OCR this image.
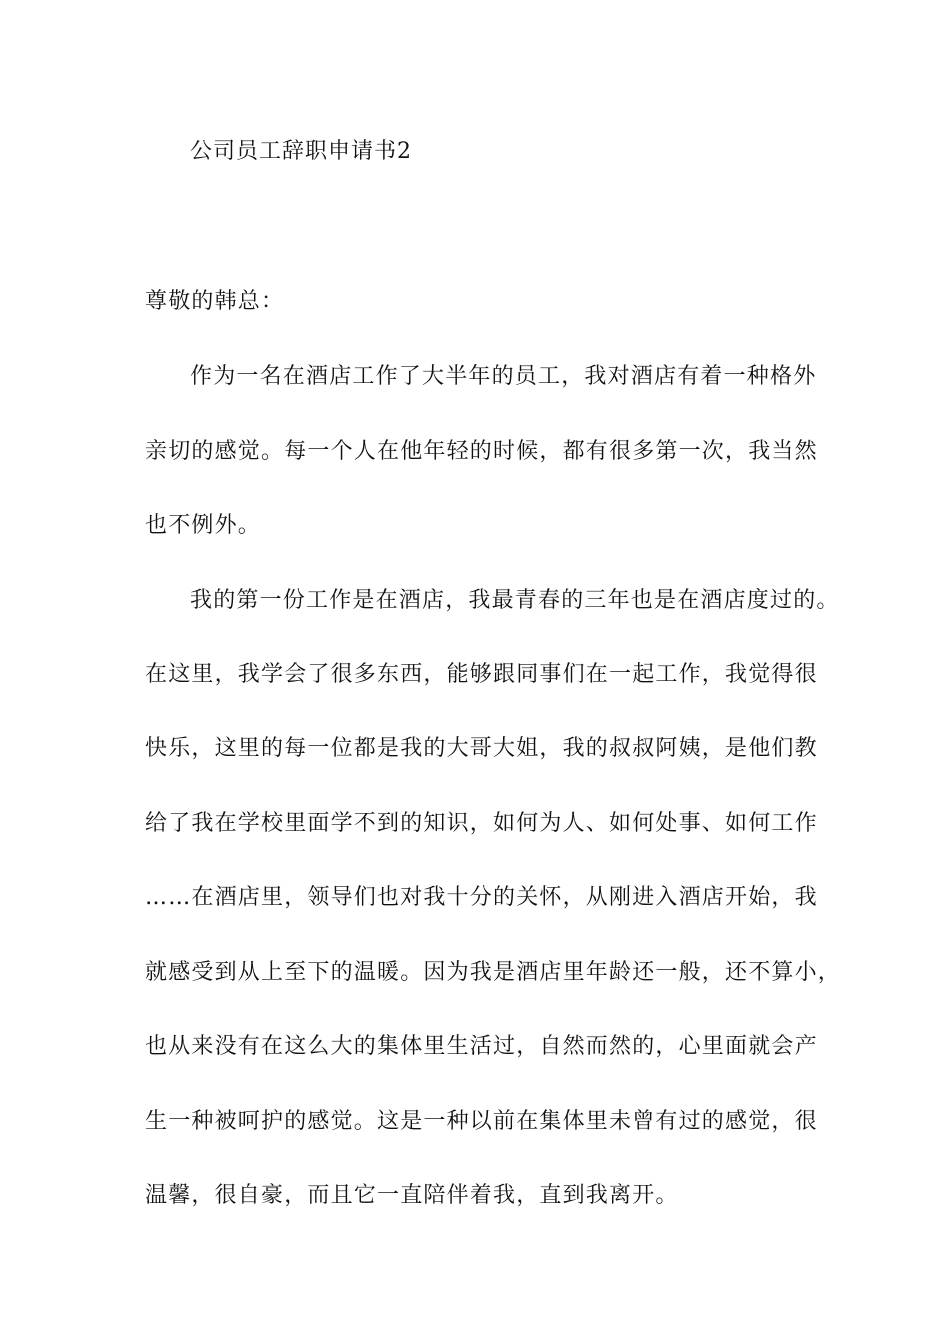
公司员工辞职申请书2
尊敬的韩总：
作为一名在酒店工作了大半年的员工，我对酒店有着一种格外
亲切的感觉。每一个人在他年轻的时候，都有很多第一次，我当然
也不例外。
我的第一份工作是在酒店，我最青春的三年也是在酒店度过的。
在这里，我学会了很多东西，能够跟同事们在一起工作，我觉得很
快乐，这里的每一位都是我的大哥大姐，我的叔叔阿姨，是他们教
给了我在学校里面学不到的知识，如何为人、如何处事、如何工作
……在酒店里，领导们也对我十分的关怀，从刚进入酒店开始，我
就感受到从上至下的温暖。因为我是酒店里年龄还一般，还不算小，
也从来没有在这么大的集体里生活过，自然而然的，心里面就会产
生一种被呵护的感觉。这是一种以前在集体里未曾有过的感觉，很
温馨，很自豪，而且它一直陪伴着我，直到我离开。
